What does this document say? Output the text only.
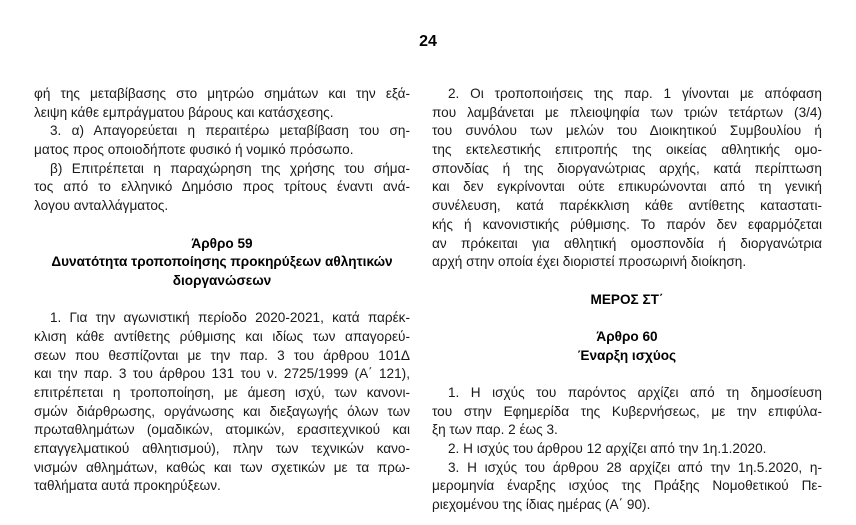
24
φή της μεταβίβασης στο μητρώο σημάτων και την εξά-
λειψη κάθε εμπράγματου βάρους και κατάσχεσης.
3. α) Απαγορεύεται η περαιτέρω μεταβίβαση του ση-
ματος προς οποιοδήποτε φυσικό ή νομικό πρόσωπο.
β) Επιτρέπεται η παραχώρηση της χρήσης του σήμα-
τος από το ελληνικό Δημόσιο προς τρίτους έναντι ανά-
λογου ανταλλάγματος.
Άρθρο 59
Δυνατότητα τροποποίησης προκηρύξεων αθλητικών
διοργανώσεων
1. Για την αγωνιστική περίοδο 2020-2021, κατά παρέκ-
κλιση κάθε αντίθετης ρύθμισης και ιδίως των απαγορεύ-
σεων που θεσπίζονται με την παρ. 3 του άρθρου 101Δ
και την παρ. 3 του άρθρου 131 του ν. 2725/1999 (Α΄ 121),
επιτρέπεται η τροποποίηση, με άμεση ισχύ, των κανονι-
σμών διάρθρωσης, οργάνωσης και διεξαγωγής όλων των
πρωταθλημάτων (ομαδικών, ατομικών, ερασιτεχνικού και
επαγγελματικού αθλητισμού), πλην των τεχνικών κανο-
νισμών αθλημάτων, καθώς και των σχετικών με τα πρω-
ταθλήματα αυτά προκηρύξεων.
2. Οι τροποποιήσεις της παρ. 1 γίνονται με απόφαση
που λαμβάνεται με πλειοψηφία των τριών τετάρτων (3/4)
του συνόλου των μελών του Διοικητικού Συμβουλίου ή
της εκτελεστικής επιτροπής της οικείας αθλητικής ομο-
σπονδίας ή της διοργανώτριας αρχής, κατά περίπτωση
και δεν εγκρίνονται ούτε επικυρώνονται από τη γενική
συνέλευση, κατά παρέκκλιση κάθε αντίθετης καταστατι-
κής ή κανονιστικής ρύθμισης. Το παρόν δεν εφαρμόζεται
αν πρόκειται για αθλητική ομοσπονδία ή διοργανώτρια
αρχή στην οποία έχει διοριστεί προσωρινή διοίκηση.
ΜΕΡΟΣ ΣΤ΄
Άρθρο 60
Έναρξη ισχύος
1. Η ισχύς του παρόντος αρχίζει από τη δημοσίευση
του στην Εφημερίδα της Κυβερνήσεως, με την επιφύλα-
ξη των παρ. 2 έως 3.
2. Η ισχύς του άρθρου 12 αρχίζει από την 1η.1.2020.
3. Η ισχύς του άρθρου 28 αρχίζει από την 1η.5.2020, η-
μερομηνία έναρξης ισχύος της Πράξης Νομοθετικού Πε-
ριεχομένου της ίδιας ημέρας (Α΄ 90).
